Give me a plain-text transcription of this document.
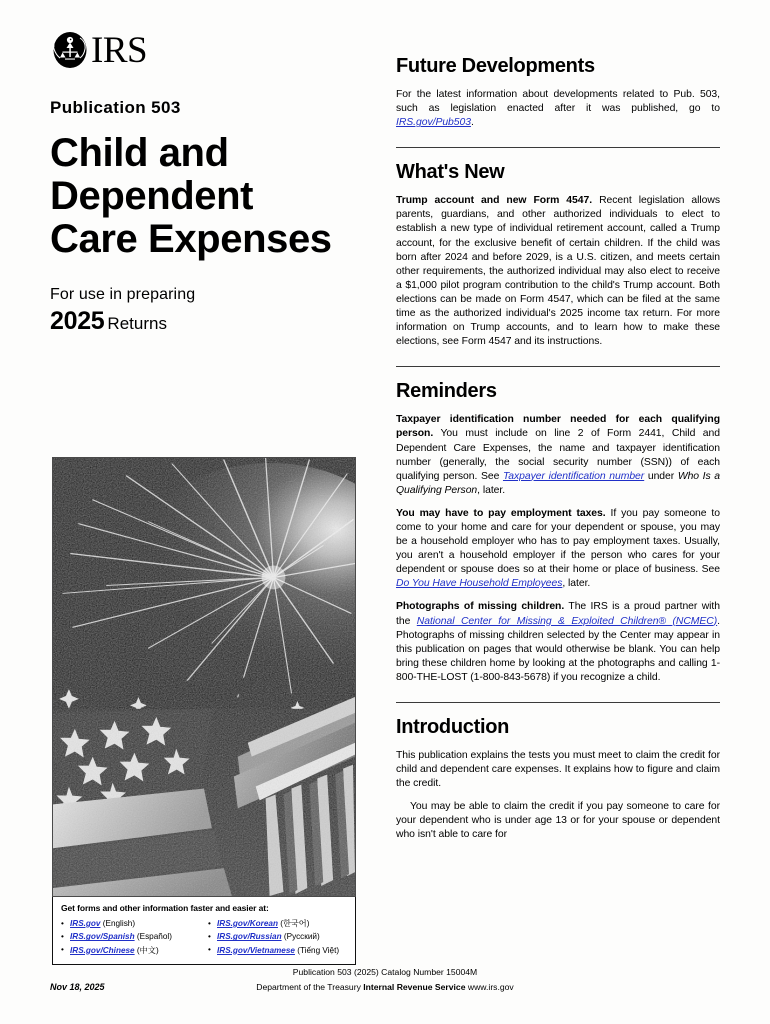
IRS

Publication 503

Child and
Dependent
Care Expenses

For use in preparing

2025 Returns

Get forms and other information faster and easier at:
• IRS.gov (English)
• IRS.gov/Spanish (Español)
• IRS.gov/Chinese (中文)
• IRS.gov/Korean (한국어)
• IRS.gov/Russian (Русский)
• IRS.gov/Vietnamese (Tiếng Việt)
Future Developments

For the latest information about developments related to Pub. 503, such as legislation enacted after it was published, go to IRS.gov/Pub503.

What's New

Trump account and new Form 4547. Recent legislation allows parents, guardians, and other authorized individuals to elect to establish a new type of individual retirement account, called a Trump account, for the exclusive benefit of certain children. If the child was born after 2024 and before 2029, is a U.S. citizen, and meets certain other requirements, the authorized individual may also elect to receive a $1,000 pilot program contribution to the child's Trump account. Both elections can be made on Form 4547, which can be filed at the same time as the authorized individual's 2025 income tax return. For more information on Trump accounts, and to learn how to make these elections, see Form 4547 and its instructions.

Reminders

Taxpayer identification number needed for each qualifying person. You must include on line 2 of Form 2441, Child and Dependent Care Expenses, the name and taxpayer identification number (generally, the social security number (SSN)) of each qualifying person. See Taxpayer identification number under Who Is a Qualifying Person, later.

You may have to pay employment taxes. If you pay someone to come to your home and care for your dependent or spouse, you may be a household employer who has to pay employment taxes. Usually, you aren't a household employer if the person who cares for your dependent or spouse does so at their home or place of business. See Do You Have Household Employees, later.

Photographs of missing children. The IRS is a proud partner with the National Center for Missing & Exploited Children® (NCMEC). Photographs of missing children selected by the Center may appear in this publication on pages that would otherwise be blank. You can help bring these children home by looking at the photographs and calling 1-800-THE-LOST (1-800-843-5678) if you recognize a child.

Introduction

This publication explains the tests you must meet to claim the credit for child and dependent care expenses. It explains how to figure and claim the credit.

You may be able to claim the credit if you pay someone to care for your dependent who is under age 13 or for your spouse or dependent who isn't able to care for

Publication 503 (2025) Catalog Number 15004M
Nov 18, 2025	Department of the Treasury Internal Revenue Service www.irs.gov
